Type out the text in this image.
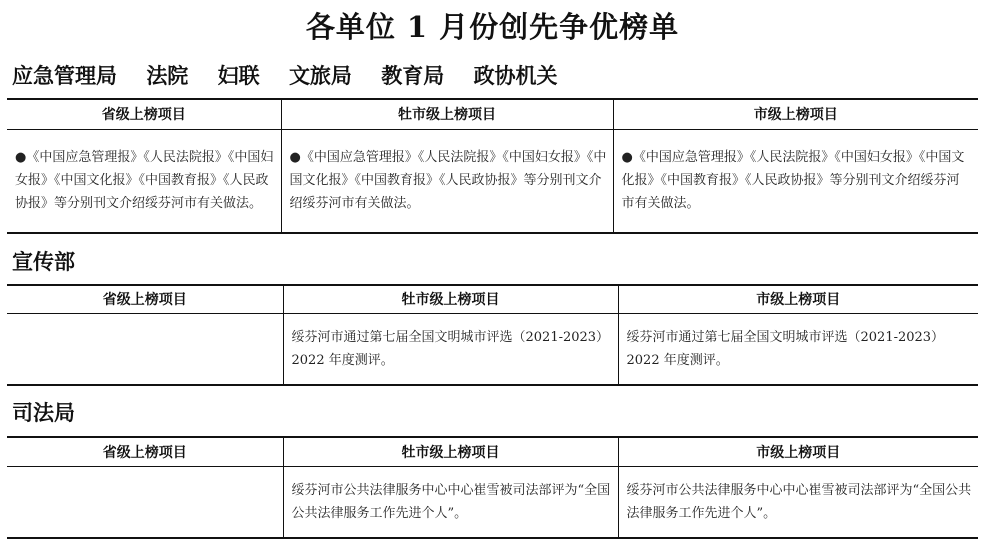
各单位 1 月份创先争优榜单
应急管理局 法院 妇联 文旅局 教育局 政协机关
省级上榜项目	牡市级上榜项目	市级上榜项目
●《中国应急管理报》《人民法院报》《中国妇女报》《中国文化报》《中国教育报》《人民政协报》等分别刊文介绍绥芬河市有关做法。	●《中国应急管理报》《人民法院报》《中国妇女报》《中国文化报》《中国教育报》《人民政协报》等分别刊文介绍绥芬河市有关做法。	●《中国应急管理报》《人民法院报》《中国妇女报》《中国文化报》《中国教育报》《人民政协报》等分别刊文介绍绥芬河市有关做法。
宣传部
省级上榜项目	牡市级上榜项目	市级上榜项目
	绥芬河市通过第七届全国文明城市评选（2021-2023）2022 年度测评。	绥芬河市通过第七届全国文明城市评选（2021-2023）2022 年度测评。
司法局
省级上榜项目	牡市级上榜项目	市级上榜项目
	绥芬河市公共法律服务中心中心崔雪被司法部评为“全国公共法律服务工作先进个人”。	绥芬河市公共法律服务中心中心崔雪被司法部评为“全国公共法律服务工作先进个人”。
